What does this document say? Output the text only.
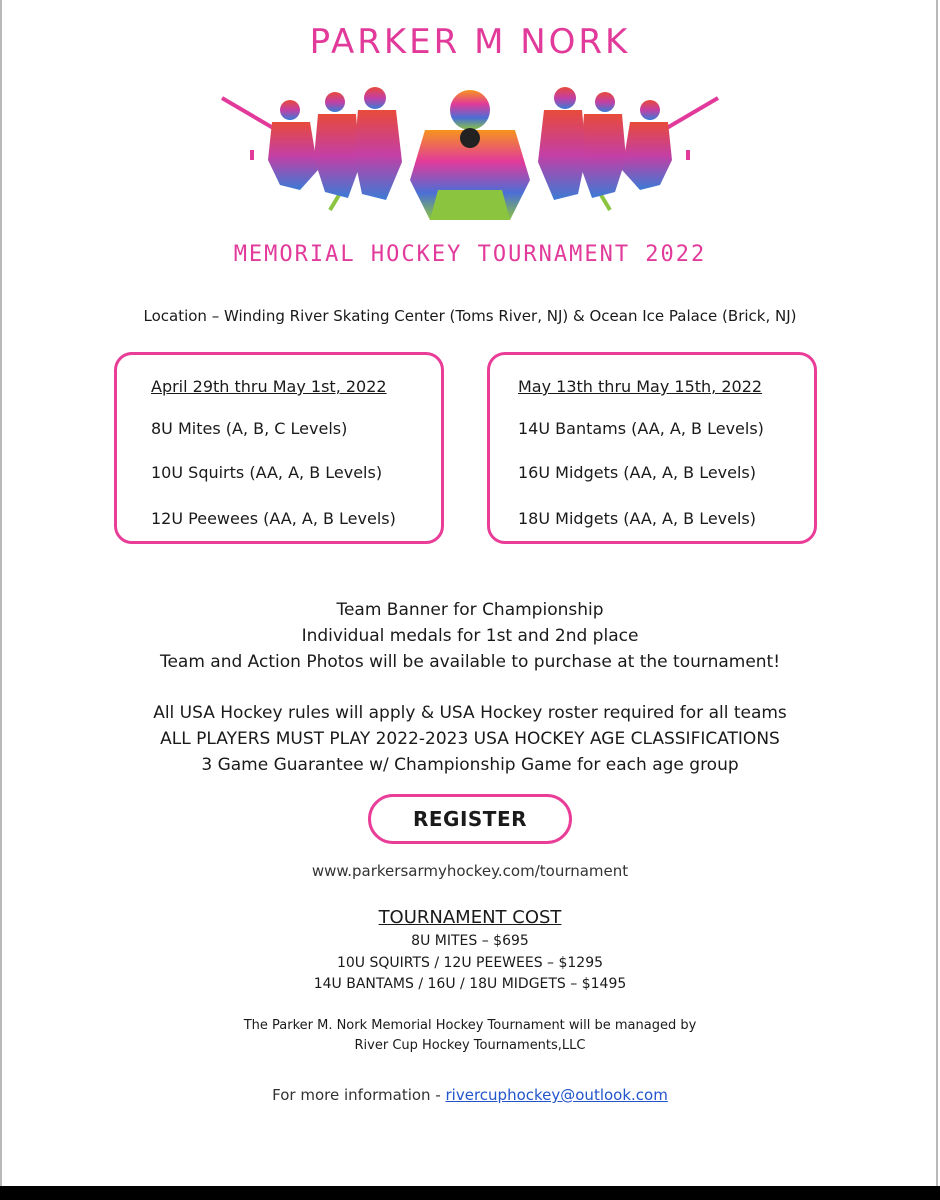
PARKER M NORK
MEMORIAL HOCKEY TOURNAMENT 2022
Location – Winding River Skating Center (Toms River, NJ) & Ocean Ice Palace (Brick, NJ)
April 29th thru May 1st, 2022
8U Mites (A, B, C Levels)
10U Squirts (AA, A, B Levels)
12U Peewees (AA, A, B Levels)
May 13th thru May 15th, 2022
14U Bantams (AA, A, B Levels)
16U Midgets (AA, A, B Levels)
18U Midgets (AA, A, B Levels)
Team Banner for Championship
Individual medals for 1st and 2nd place
Team and Action Photos will be available to purchase at the tournament!
All USA Hockey rules will apply & USA Hockey roster required for all teams
ALL PLAYERS MUST PLAY 2022-2023 USA HOCKEY AGE CLASSIFICATIONS
3 Game Guarantee w/ Championship Game for each age group
REGISTER
www.parkersarmyhockey.com/tournament
TOURNAMENT COST
8U MITES – $695
10U SQUIRTS / 12U PEEWEES – $1295
14U BANTAMS / 16U / 18U MIDGETS – $1495
The Parker M. Nork Memorial Hockey Tournament will be managed by
River Cup Hockey Tournaments,LLC
For more information - rivercuphockey@outlook.com
